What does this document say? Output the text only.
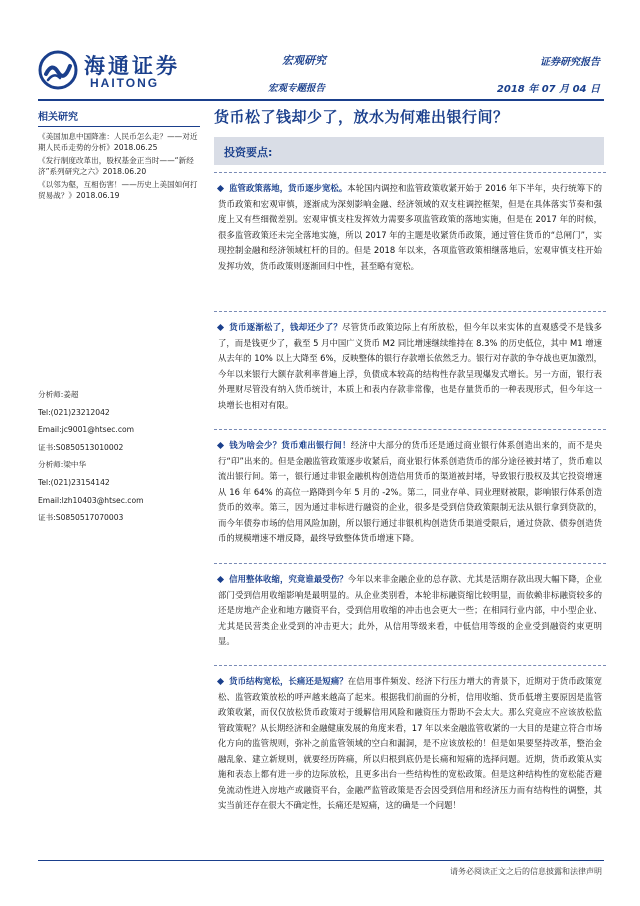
海通证券
HAITONG
宏观研究
宏观专题报告
证券研究报告
2018 年 07 月 04 日
相关研究
《美国加息中国降准：人民币怎么走？——对近期人民币走势的分析》2018.06.25
《发行制度改革出，股权基金正当时——“新经济”系列研究之六》2018.06.20
《以邻为壑，互相伤害！——历史上美国如何打贸易战？》2018.06.19
分析师:姜超
Tel:(021)23212042
Email:jc9001@htsec.com
证书:S0850513010002
分析师:梁中华
Tel:(021)23154142
Email:lzh10403@htsec.com
证书:S0850517070003
货币松了钱却少了，放水为何难出银行间？
投资要点:
监管政策落地，货币逐步宽松。本轮国内调控和监管政策收紧开始于 2016 年下半年，央行统筹下的货币政策和宏观审慎，逐渐成为深刻影响金融、经济领域的双支柱调控框架，但是在具体落实节奏和强度上又有些细微差别。宏观审慎支柱发挥效力需要多项监管政策的落地实施，但是在 2017 年的时候，很多监管政策还未完全落地实施，所以 2017 年的主题是收紧货币政策，通过管住货币的“总闸门”，实现控制金融和经济领域杠杆的目的。但是 2018 年以来，各项监管政策相继落地后，宏观审慎支柱开始发挥功效，货币政策则逐渐回归中性，甚至略有宽松。
货币逐渐松了，钱却还少了？尽管货币政策边际上有所放松，但今年以来实体的直观感受不是钱多了，而是钱更少了，截至 5 月中国广义货币 M2 同比增速继续维持在 8.3% 的历史低位，其中 M1 增速从去年的 10% 以上大降至 6%，反映整体的银行存款增长依然乏力。银行对存款的争夺战也更加激烈，今年以来银行大额存款利率普遍上浮，负债成本较高的结构性存款呈现爆发式增长。另一方面，银行表外理财尽管没有纳入货币统计，本质上和表内存款非常像，也是存量货币的一种表现形式，但今年这一块增长也相对有限。
钱为啥会少？货币难出银行间！经济中大部分的货币还是通过商业银行体系创造出来的，而不是央行“印”出来的。但是金融监管政策逐步收紧后，商业银行体系创造货币的部分途径被封堵了，货币难以流出银行间。第一，银行通过非银金融机构创造信用货币的渠道被封堵，导致银行股权及其它投资增速从 16 年 64% 的高位一路降到今年 5 月的 -2%。第二，同业存单、同业理财被限，影响银行体系创造货币的效率。第三，因为通过非标进行融资的企业，很多是受到信贷政策限制无法从银行拿到贷款的，而今年债券市场的信用风险加剧，所以银行通过非银机构创造货币渠道受限后，通过贷款、债券创造货币的规模增速不增反降，最终导致整体货币增速下降。
信用整体收缩，究竟谁最受伤？今年以来非金融企业的总存款、尤其是活期存款出现大幅下降，企业部门受到信用收缩影响是最明显的。从企业类别看，本轮非标融资缩比较明显，而依赖非标融资较多的还是房地产企业和地方融资平台，受到信用收缩的冲击也会更大一些；在相同行业内部，中小型企业、尤其是民营类企业受到的冲击更大；此外，从信用等级来看，中低信用等级的企业受到融资约束更明显。
货币结构宽松，长痛还是短痛？在信用事件频发、经济下行压力增大的背景下，近期对于货币政策宽松、监管政策放松的呼声越来越高了起来。根据我们前面的分析，信用收缩、货币低增主要原因是监管政策收紧，而仅仅放松货币政策对于缓解信用风险和融资压力帮助不会太大。那么究竟应不应该放松监管政策呢？从长期经济和金融健康发展的角度来看，17 年以来金融监管收紧的一大目的是建立符合市场化方向的监管规则，弥补之前监管领域的空白和漏洞，是不应该放松的！但是如果要坚持改革，整治金融乱象、建立新规则，就要经历阵痛，所以归根到底仍是长痛和短痛的选择问题。近期，货币政策从实施和表态上都有进一步的边际放松，且更多出台一些结构性的宽松政策。但是这种结构性的宽松能否避免流动性进入房地产或融资平台，金融严监管政策是否会因受到信用和经济压力而有结构性的调整，其实当前还存在很大不确定性，长痛还是短痛，这的确是一个问题！
请务必阅读正文之后的信息披露和法律声明
